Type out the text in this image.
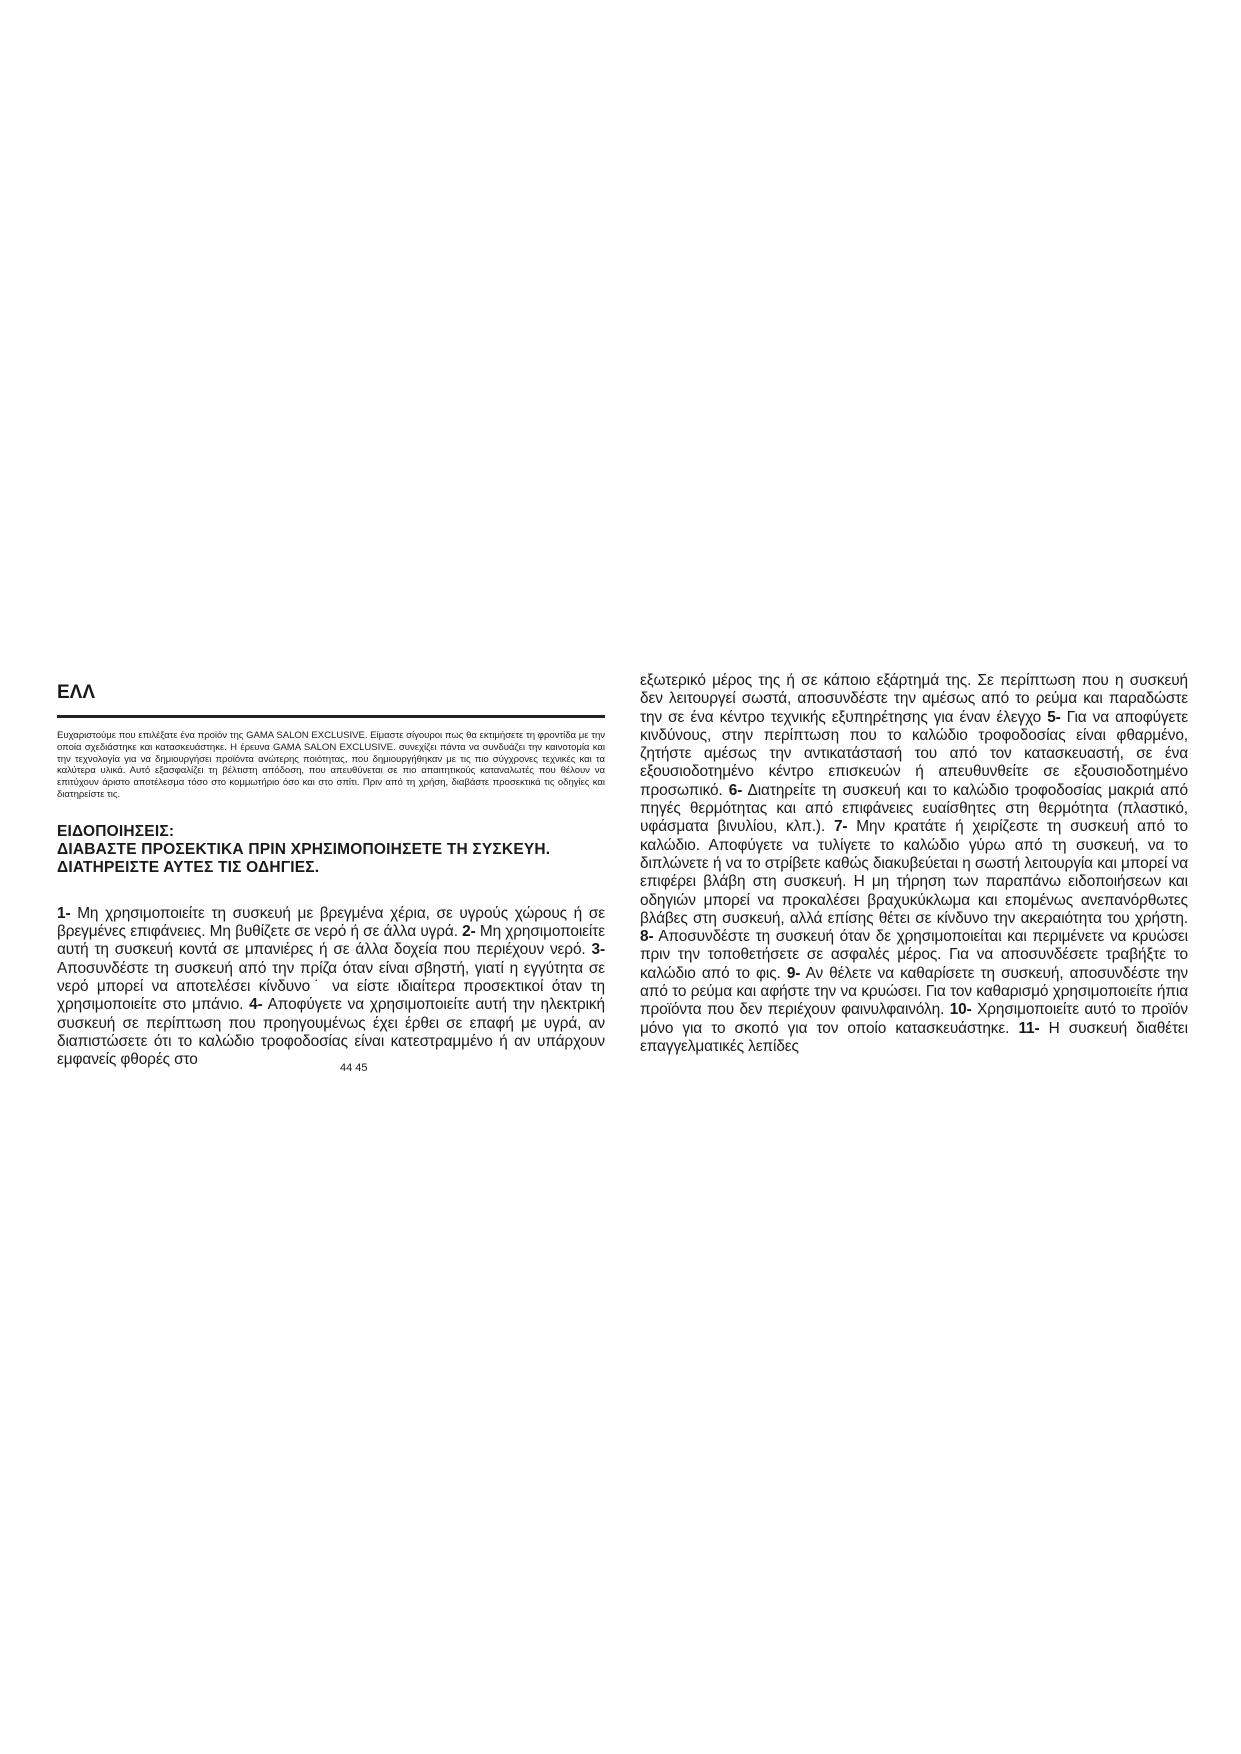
ΕΛΛ
Ευχαριστούμε που επιλέξατε ένα προϊόν της GAMA SALON EXCLUSIVE. Είμαστε σίγουροι πως θα εκτιμήσετε τη φροντίδα με την οποία σχεδιάστηκε και κατασκευάστηκε. Η έρευνα GAMA SALON EXCLUSIVE. συνεχίζει πάντα να συνδυάζει την καινοτομία και την τεχνολογία για να δημιουργήσει προϊόντα ανώτερης ποιότητας, που δημιουργήθηκαν με τις πιο σύγχρονες τεχνικές και τα καλύτερα υλικά. Αυτό εξασφαλίζει τη βέλτιστη απόδοση, που απευθύνεται σε πιο απαιτητικούς καταναλωτές που θέλουν να επιτύχουν άριστο αποτέλεσμα τόσο στο κομμωτήριο όσο και στο σπίτι. Πριν από τη χρήση, διαβάστε προσεκτικά τις οδηγίες και διατηρείστε τις.
ΕΙΔΟΠΟΙΗΣΕΙΣ:
ΔΙΑΒΑΣΤΕ ΠΡΟΣΕΚΤΙΚΑ ΠΡΙΝ ΧΡΗΣΙΜΟΠΟΙΗΣΕΤΕ ΤΗ ΣΥΣΚΕΥΗ.
ΔΙΑΤΗΡΕΙΣΤΕ ΑΥΤΕΣ ΤΙΣ ΟΔΗΓΙΕΣ.
1- Μη χρησιμοποιείτε τη συσκευή με βρεγμένα χέρια, σε υγρούς χώρους ή σε βρεγμένες επιφάνειες. Μη βυθίζετε σε νερό ή σε άλλα υγρά. 2- Μη χρησιμοποιείτε αυτή τη συσκευή κοντά σε μπανιέρες ή σε άλλα δοχεία που περιέχουν νερό. 3- Αποσυνδέστε τη συσκευή από την πρίζα όταν είναι σβηστή, γιατί η εγγύτητα σε νερό μπορεί να αποτελέσει κίνδυνο˙ να είστε ιδιαίτερα προσεκτικοί όταν τη χρησιμοποιείτε στο μπάνιο. 4- Αποφύγετε να χρησιμοποιείτε αυτή την ηλεκτρική συσκευή σε περίπτωση που προηγουμένως έχει έρθει σε επαφή με υγρά, αν διαπιστώσετε ότι το καλώδιο τροφοδοσίας είναι κατεστραμμένο ή αν υπάρχουν εμφανείς φθορές στο
εξωτερικό μέρος της ή σε κάποιο εξάρτημά της. Σε περίπτωση που η συσκευή δεν λειτουργεί σωστά, αποσυνδέστε την αμέσως από το ρεύμα και παραδώστε την σε ένα κέντρο τεχνικής εξυπηρέτησης για έναν έλεγχο 5- Για να αποφύγετε κινδύνους, στην περίπτωση που το καλώδιο τροφοδοσίας είναι φθαρμένο, ζητήστε αμέσως την αντικατάστασή του από τον κατασκευαστή, σε ένα εξουσιοδοτημένο κέντρο επισκευών ή απευθυνθείτε σε εξουσιοδοτημένο προσωπικό. 6- Διατηρείτε τη συσκευή και το καλώδιο τροφοδοσίας μακριά από πηγές θερμότητας και από επιφάνειες ευαίσθητες στη θερμότητα (πλαστικό, υφάσματα βινυλίου, κλπ.). 7- Μην κρατάτε ή χειρίζεστε τη συσκευή από το καλώδιο. Αποφύγετε να τυλίγετε το καλώδιο γύρω από τη συσκευή, να το διπλώνετε ή να το στρίβετε καθώς διακυβεύεται η σωστή λειτουργία και μπορεί να επιφέρει βλάβη στη συσκευή. Η μη τήρηση των παραπάνω ειδοποιήσεων και οδηγιών μπορεί να προκαλέσει βραχυκύκλωμα και επομένως ανεπανόρθωτες βλάβες στη συσκευή, αλλά επίσης θέτει σε κίνδυνο την ακεραιότητα του χρήστη. 8- Αποσυνδέστε τη συσκευή όταν δε χρησιμοποιείται και περιμένετε να κρυώσει πριν την τοποθετήσετε σε ασφαλές μέρος. Για να αποσυνδέσετε τραβήξτε το καλώδιο από το φις. 9- Αν θέλετε να καθαρίσετε τη συσκευή, αποσυνδέστε την από το ρεύμα και αφήστε την να κρυώσει. Για τον καθαρισμό χρησιμοποιείτε ήπια προϊόντα που δεν περιέχουν φαινυλφαινόλη. 10- Χρησιμοποιείτε αυτό το προϊόν μόνο για το σκοπό για τον οποίο κατασκευάστηκε. 11- Η συσκευή διαθέτει επαγγελματικές λεπίδες
44 45
